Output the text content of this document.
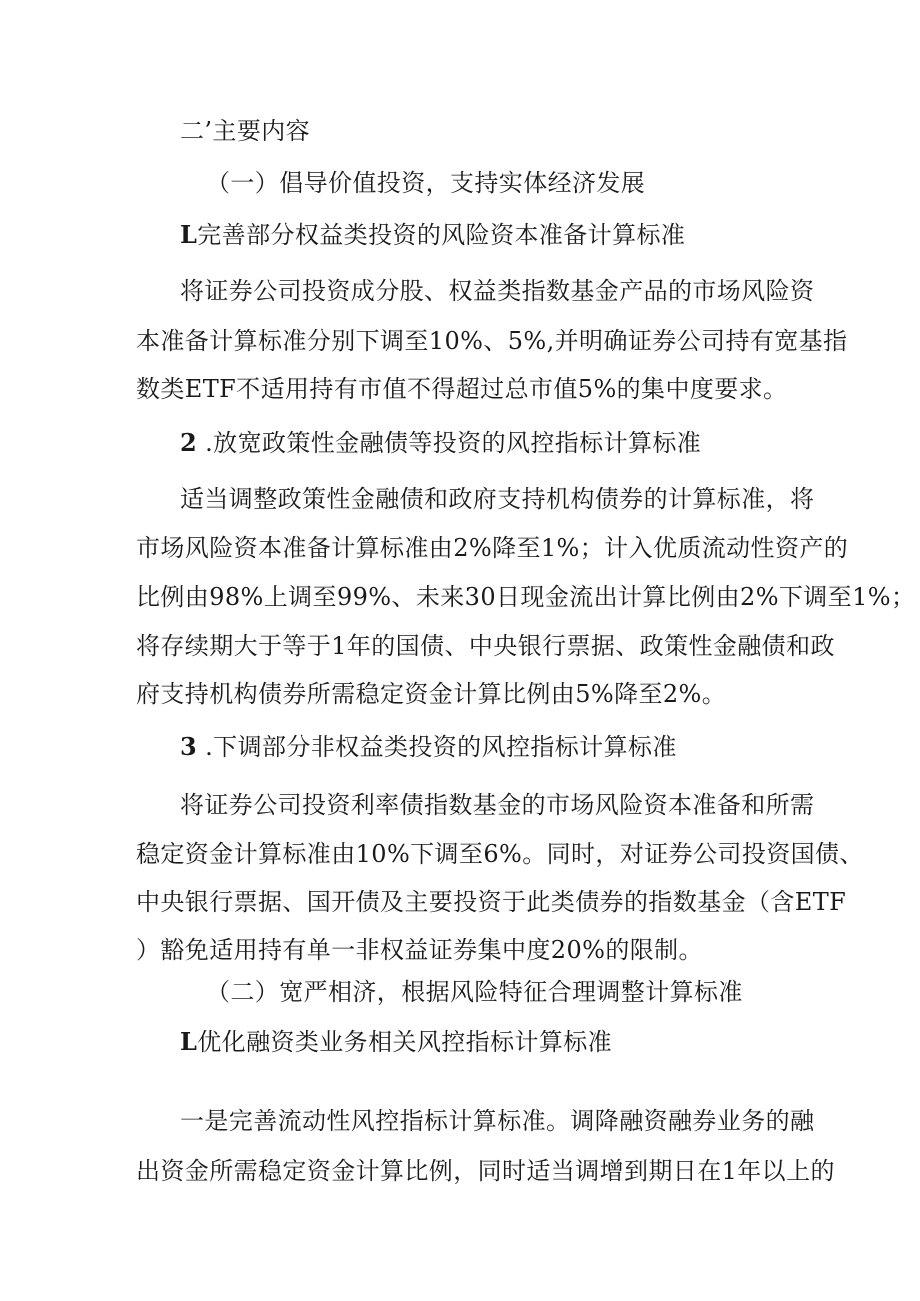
二’主要内容

（一）倡导价值投资，支持实体经济发展

L完善部分权益类投资的风险资本准备计算标准

将证券公司投资成分股、权益类指数基金产品的市场风险资

本准备计算标准分别下调至10%、5%,并明确证券公司持有宽基指

数类ETF不适用持有市值不得超过总市值5%的集中度要求。

2 .放宽政策性金融债等投资的风控指标计算标准

适当调整政策性金融债和政府支持机构债券的计算标准，将

市场风险资本准备计算标准由2%降至1%；计入优质流动性资产的

比例由98%上调至99%、未来30日现金流出计算比例由2%下调至1%；

将存续期大于等于1年的国债、中央银行票据、政策性金融债和政

府支持机构债券所需稳定资金计算比例由5%降至2%。

3 .下调部分非权益类投资的风控指标计算标准

将证券公司投资利率债指数基金的市场风险资本准备和所需

稳定资金计算标准由10%下调至6%。同时，对证券公司投资国债、

中央银行票据、国开债及主要投资于此类债券的指数基金（含ETF

）豁免适用持有单一非权益证券集中度20%的限制。

（二）宽严相济，根据风险特征合理调整计算标准

L优化融资类业务相关风控指标计算标准

一是完善流动性风控指标计算标准。调降融资融券业务的融

出资金所需稳定资金计算比例，同时适当调增到期日在1年以上的
